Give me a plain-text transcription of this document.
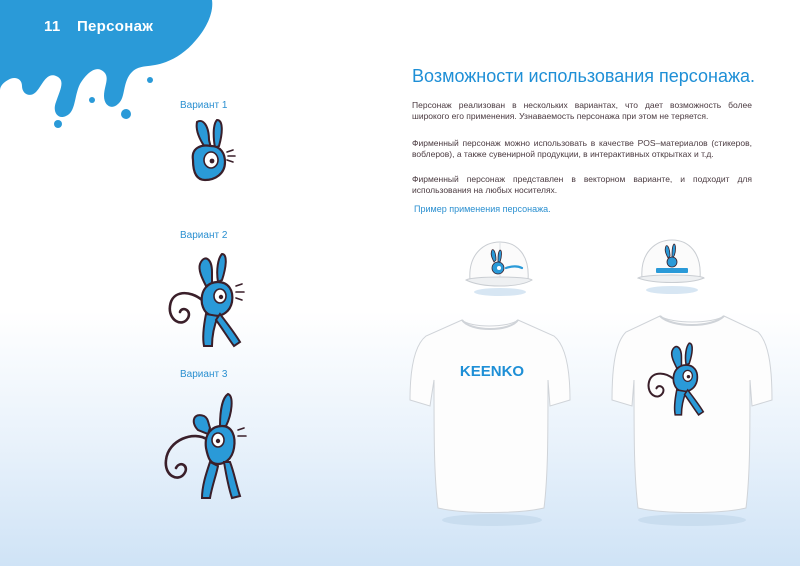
11 Персонаж
Вариант 1
Вариант 2
Вариант 3
Возможности использования персонажа.

Персонаж реализован в нескольких вариантах, что дает возможность более широкого его применения. Узнаваемость персонажа при этом не теряется.

Фирменный персонаж можно использовать в качестве POS–материалов (стикеров, воблеров), а также сувенирной продукции, в интерактивных открытках и т.д.

Фирменный персонаж представлен в векторном варианте, и подходит для использования на любых носителях.

Пример применения персонажа.
KEENKO
